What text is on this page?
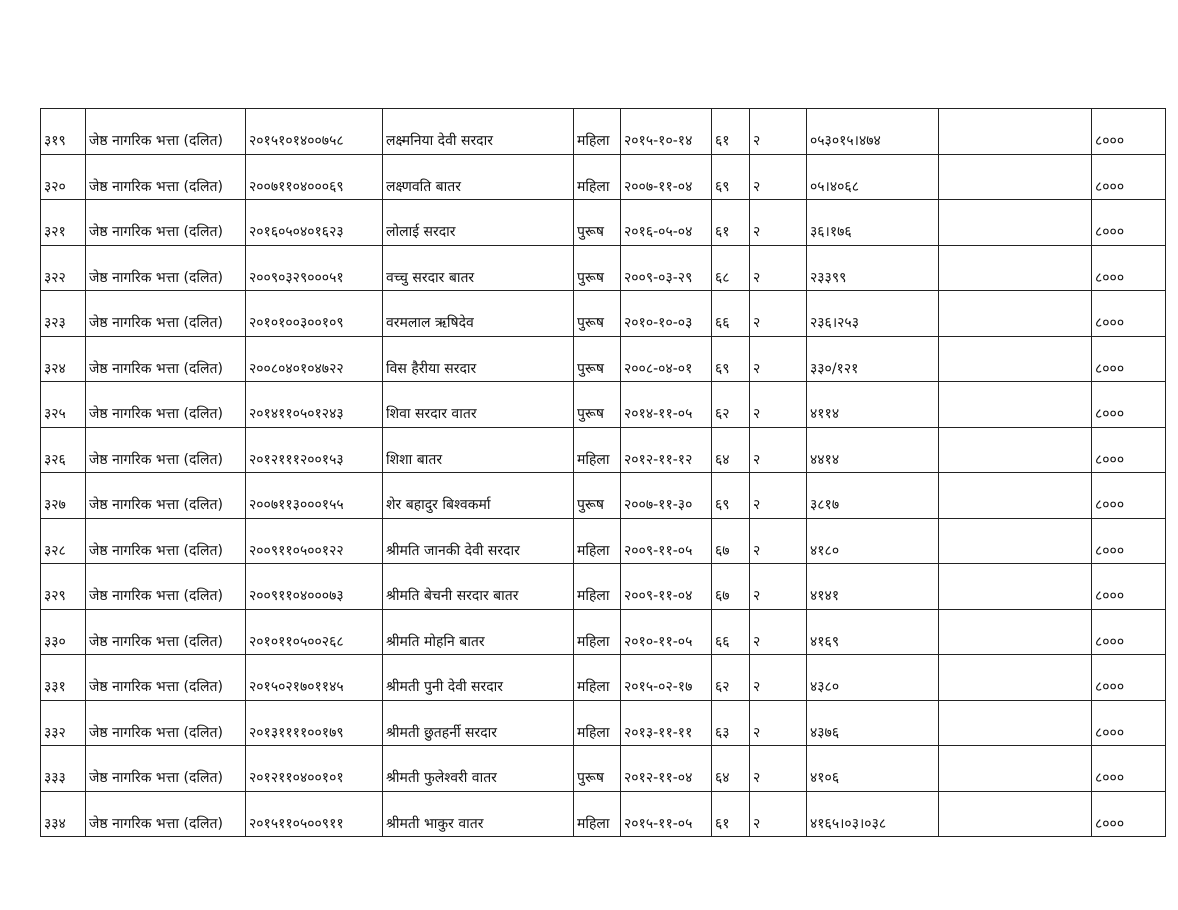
३१९	जेष्ठ नागरिक भत्ता (दलित)	२०१५१०१४००७५८	लक्ष्मनिया देवी सरदार	महिला	२०१५-१०-१४	६१	२	०५३०१५।४७४		८०००
३२०	जेष्ठ नागरिक भत्ता (दलित)	२००७११०४०००६९	लक्ष्णवति बातर	महिला	२००७-११-०४	६९	२	०५।४०६८		८०००
३२१	जेष्ठ नागरिक भत्ता (दलित)	२०१६०५०४०१६२३	लोलाई सरदार	पुरूष	२०१६-०५-०४	६१	२	३६।१७६		८०००
३२२	जेष्ठ नागरिक भत्ता (दलित)	२००९०३२९०००५१	वच्चु सरदार बातर	पुरूष	२००९-०३-२९	६८	२	२३३९९		८०००
३२३	जेष्ठ नागरिक भत्ता (दलित)	२०१०१००३००१०९	वरमलाल ऋषिदेव	पुरूष	२०१०-१०-०३	६६	२	२३६।२५३		८०००
३२४	जेष्ठ नागरिक भत्ता (दलित)	२००८०४०१०४७२२	विस हैरीया सरदार	पुरूष	२००८-०४-०१	६९	२	३३०/१२१		८०००
३२५	जेष्ठ नागरिक भत्ता (दलित)	२०१४११०५०१२४३	शिवा सरदार वातर	पुरूष	२०१४-११-०५	६२	२	४११४		८०००
३२६	जेष्ठ नागरिक भत्ता (दलित)	२०१२१११२००१५३	शिशा बातर	महिला	२०१२-११-१२	६४	२	४४१४		८०००
३२७	जेष्ठ नागरिक भत्ता (दलित)	२००७११३०००१५५	शेर बहादुर बिश्वकर्मा	पुरूष	२००७-११-३०	६९	२	३८१७		८०००
३२८	जेष्ठ नागरिक भत्ता (दलित)	२००९११०५००१२२	श्रीमति जानकी देवी सरदार	महिला	२००९-११-०५	६७	२	४१८०		८०००
३२९	जेष्ठ नागरिक भत्ता (दलित)	२००९११०४०००७३	श्रीमति बेचनी सरदार बातर	महिला	२००९-११-०४	६७	२	४१४१		८०००
३३०	जेष्ठ नागरिक भत्ता (दलित)	२०१०११०५००२६८	श्रीमति मोहनि बातर	महिला	२०१०-११-०५	६६	२	४१६९		८०००
३३१	जेष्ठ नागरिक भत्ता (दलित)	२०१५०२१७०११४५	श्रीमती पुनी देवी सरदार	महिला	२०१५-०२-१७	६२	२	४३८०		८०००
३३२	जेष्ठ नागरिक भत्ता (दलित)	२०१३११११००१७९	श्रीमती छुतहर्नी सरदार	महिला	२०१३-११-११	६३	२	४३७६		८०००
३३३	जेष्ठ नागरिक भत्ता (दलित)	२०१२११०४००१०१	श्रीमती फुलेश्वरी वातर	पुरूष	२०१२-११-०४	६४	२	४१०६		८०००
३३४	जेष्ठ नागरिक भत्ता (दलित)	२०१५११०५००९११	श्रीमती भाकुर वातर	महिला	२०१५-११-०५	६१	२	४१६५।०३।०३८		८०००
